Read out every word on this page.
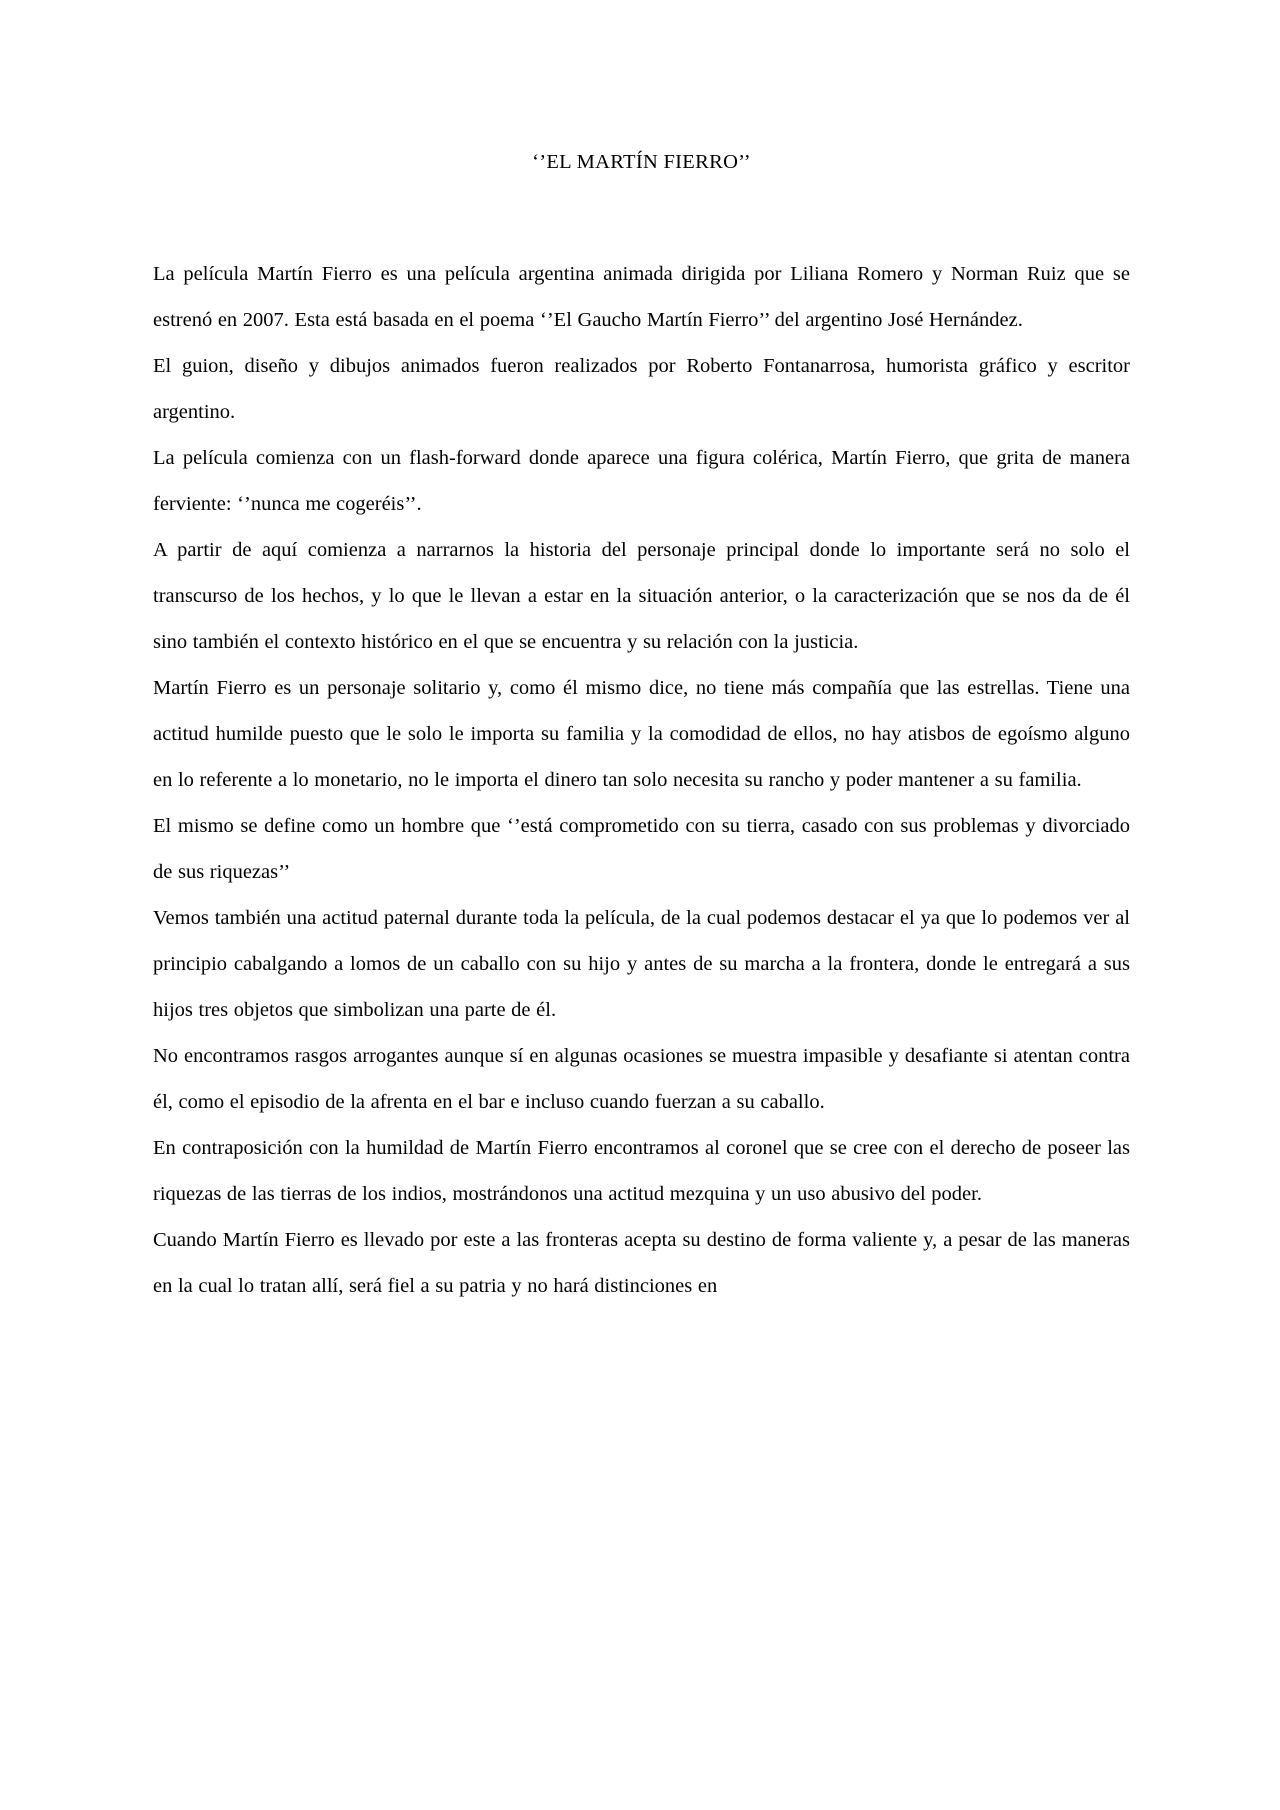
‘’EL MARTÍN FIERRO’’

La película Martín Fierro es una película argentina animada dirigida por Liliana Romero y Norman Ruiz que se estrenó en 2007. Esta está basada en el poema ‘’El Gaucho Martín Fierro’’ del argentino José Hernández.

El guion, diseño y dibujos animados fueron realizados por Roberto Fontanarrosa, humorista gráfico y escritor argentino.

La película comienza con un flash-forward donde aparece una figura colérica, Martín Fierro, que grita de manera ferviente: ‘’nunca me cogeréis’’.

A partir de aquí comienza a narrarnos la historia del personaje principal donde lo importante será no solo el transcurso de los hechos, y lo que le llevan a estar en la situación anterior, o la caracterización que se nos da de él sino también el contexto histórico en el que se encuentra y su relación con la justicia.

Martín Fierro es un personaje solitario y, como él mismo dice, no tiene más compañía que las estrellas. Tiene una actitud humilde puesto que le solo le importa su familia y la comodidad de ellos, no hay atisbos de egoísmo alguno en lo referente a lo monetario, no le importa el dinero tan solo necesita su rancho y poder mantener a su familia.

El mismo se define como un hombre que ‘’está comprometido con su tierra, casado con sus problemas y divorciado de sus riquezas’’

Vemos también una actitud paternal durante toda la película, de la cual podemos destacar el ya que lo podemos ver al principio cabalgando a lomos de un caballo con su hijo y antes de su marcha a la frontera, donde le entregará a sus hijos tres objetos que simbolizan una parte de él.

No encontramos rasgos arrogantes aunque sí en algunas ocasiones se muestra impasible y desafiante si atentan contra él, como el episodio de la afrenta en el bar e incluso cuando fuerzan a su caballo.

En contraposición con la humildad de Martín Fierro encontramos al coronel que se cree con el derecho de poseer las riquezas de las tierras de los indios, mostrándonos una actitud mezquina y un uso abusivo del poder.

Cuando Martín Fierro es llevado por este a las fronteras acepta su destino de forma valiente y, a pesar de las maneras en la cual lo tratan allí, será fiel a su patria y no hará distinciones en
